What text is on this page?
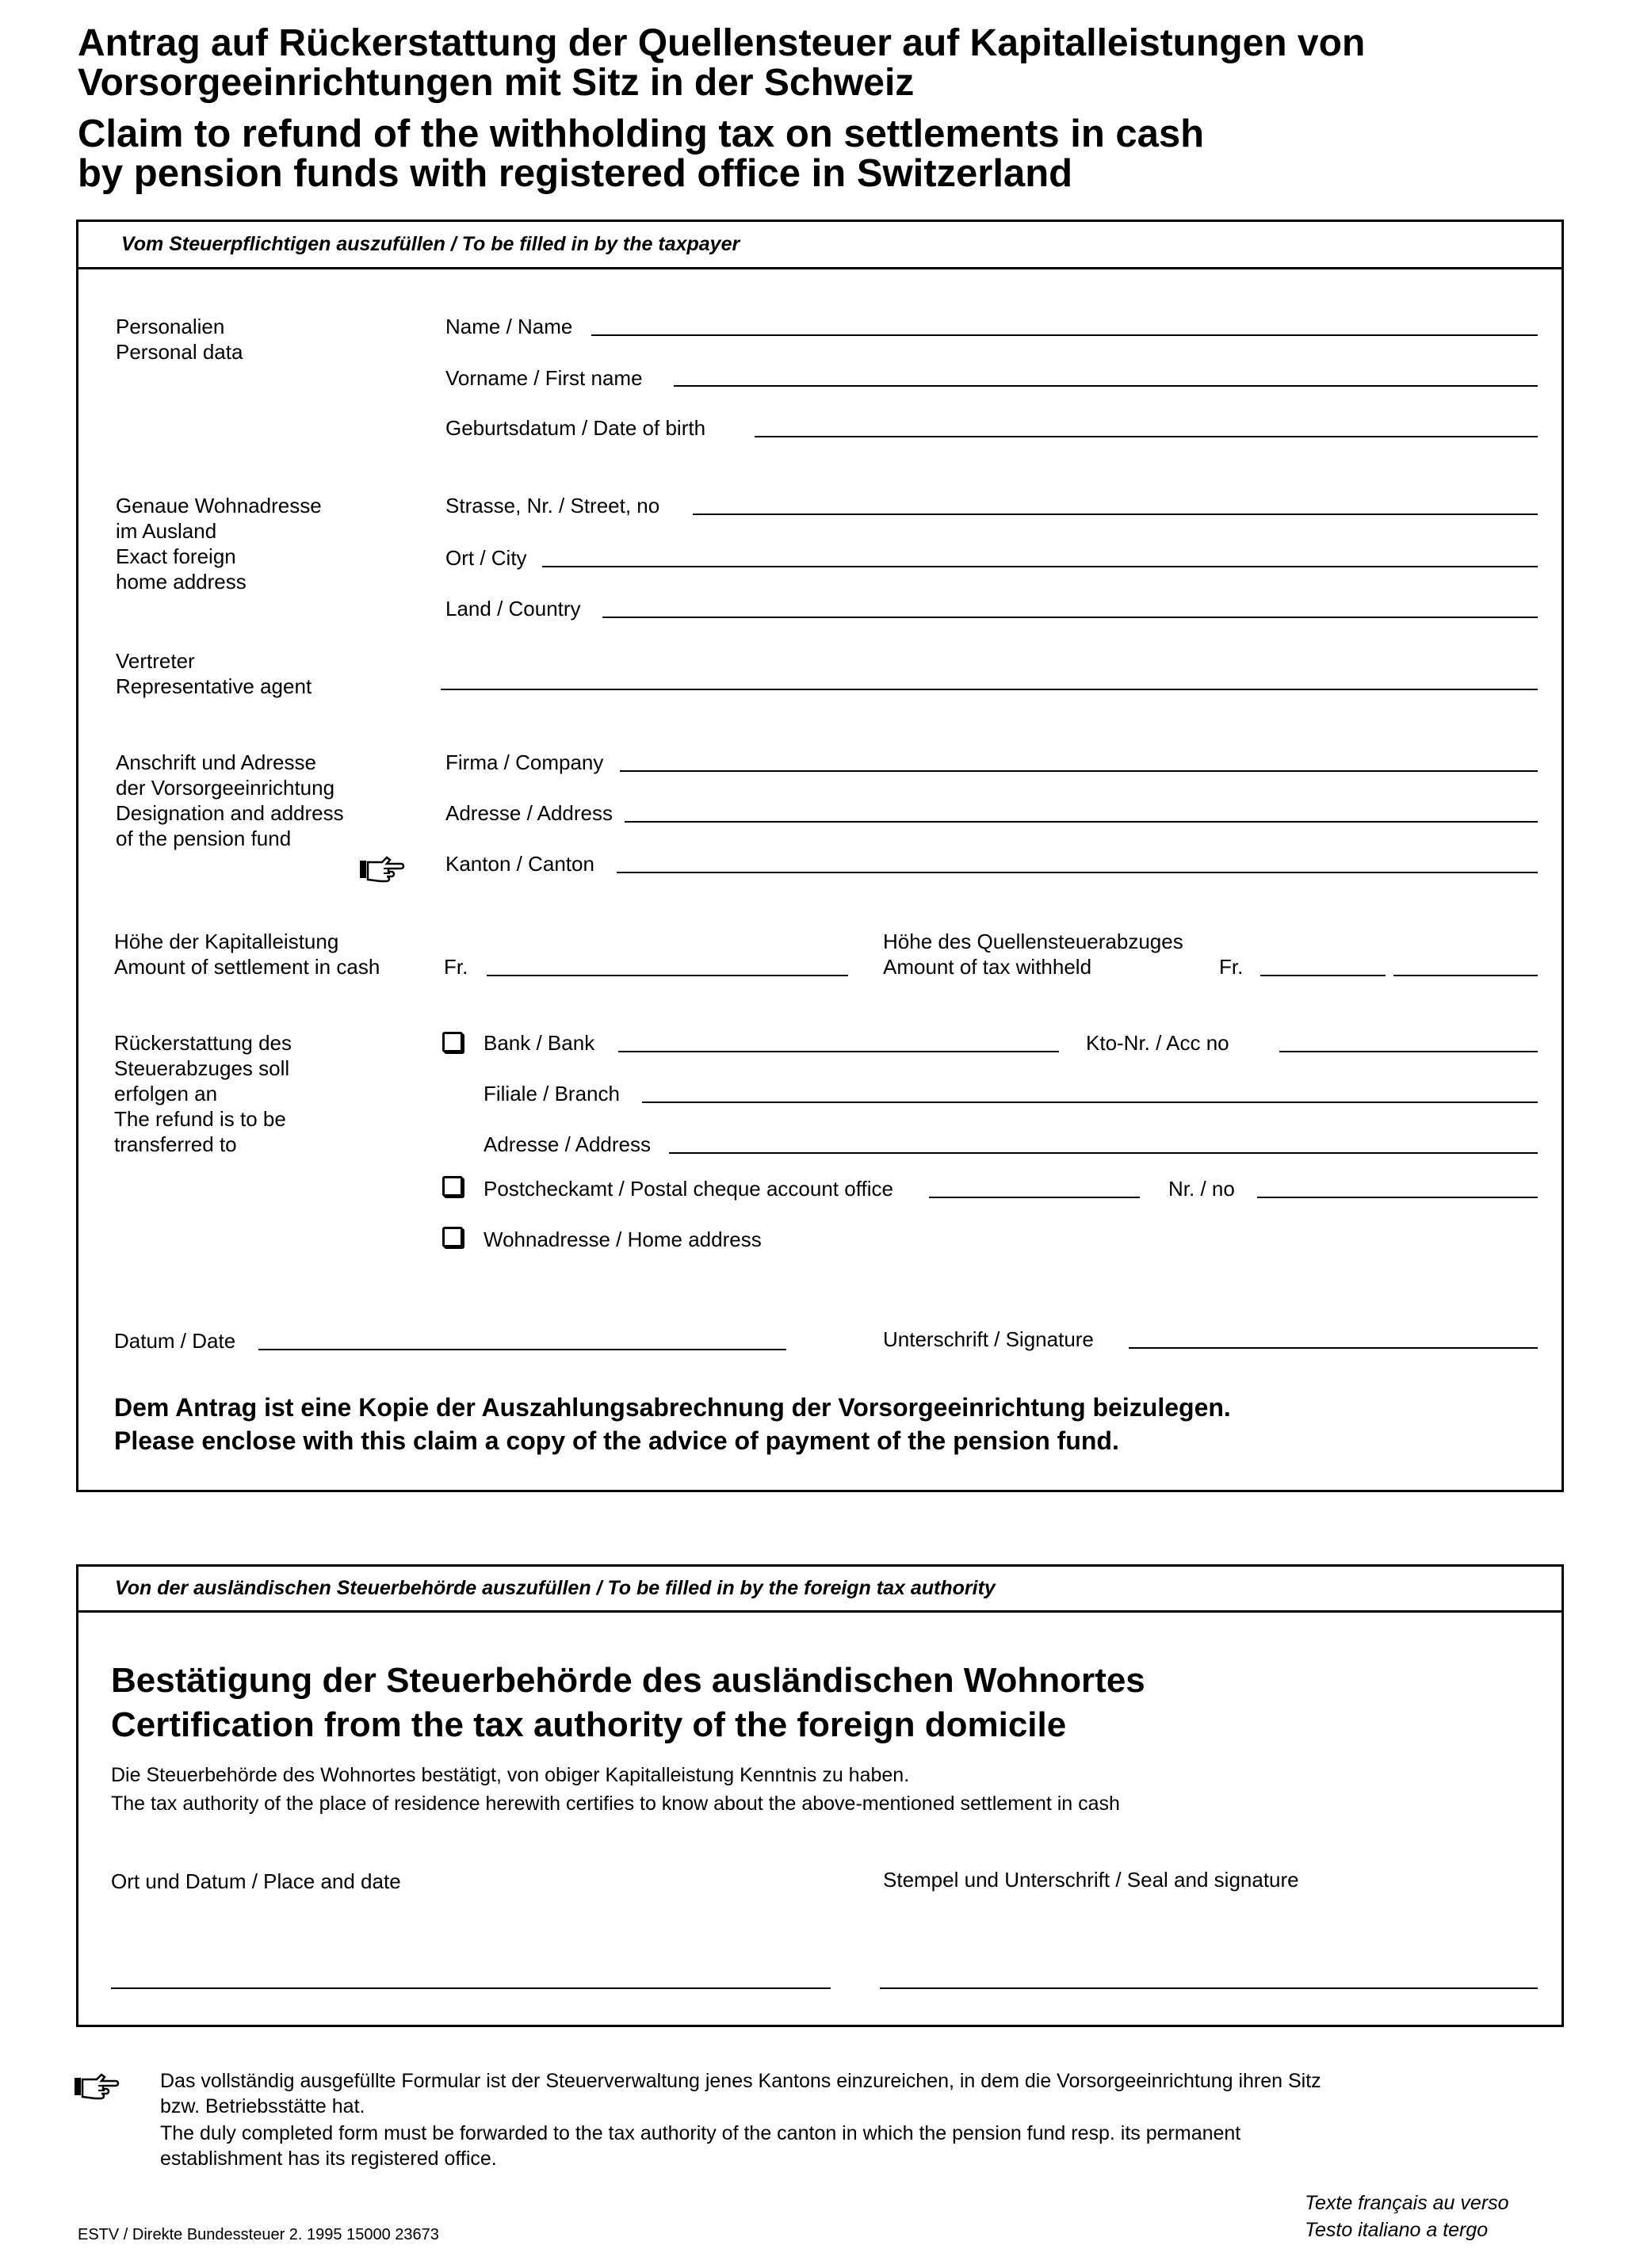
Antrag auf Rückerstattung der Quellensteuer auf Kapitalleistungen von
Vorsorgeeinrichtungen mit Sitz in der Schweiz
Claim to refund of the withholding tax on settlements in cash
by pension funds with registered office in Switzerland
Vom Steuerpflichtigen auszufüllen / To be filled in by the taxpayer
Personalien
Personal data
Name / Name
Vorname / First name
Geburtsdatum / Date of birth
Genaue Wohnadresse
im Ausland
Exact foreign
home address
Strasse, Nr. / Street, no
Ort / City
Land / Country
Vertreter
Representative agent
Anschrift und Adresse
der Vorsorgeeinrichtung
Designation and address
of the pension fund
Firma / Company
Adresse / Address
Kanton / Canton
Höhe der Kapitalleistung
Amount of settlement in cash	Fr.
Höhe des Quellensteuerabzuges
Amount of tax withheld	Fr.
Rückerstattung des
Steuerabzuges soll
erfolgen an
The refund is to be
transferred to
Bank / Bank	Kto-Nr. / Acc no
Filiale / Branch
Adresse / Address
Postcheckamt / Postal cheque account office	Nr. / no
Wohnadresse / Home address
Datum / Date	Unterschrift / Signature
Dem Antrag ist eine Kopie der Auszahlungsabrechnung der Vorsorgeeinrichtung beizulegen.
Please enclose with this claim a copy of the advice of payment of the pension fund.
Von der ausländischen Steuerbehörde auszufüllen / To be filled in by the foreign tax authority
Bestätigung der Steuerbehörde des ausländischen Wohnortes
Certification from the tax authority of the foreign domicile
Die Steuerbehörde des Wohnortes bestätigt, von obiger Kapitalleistung Kenntnis zu haben.
The tax authority of the place of residence herewith certifies to know about the above-mentioned settlement in cash
Ort und Datum / Place and date	Stempel und Unterschrift / Seal and signature
Das vollständig ausgefüllte Formular ist der Steuerverwaltung jenes Kantons einzureichen, in dem die Vorsorgeeinrichtung ihren Sitz
bzw. Betriebsstätte hat.
The duly completed form must be forwarded to the tax authority of the canton in which the pension fund resp. its permanent
establishment has its registered office.
Texte français au verso
Testo italiano a tergo
ESTV / Direkte Bundessteuer 2. 1995 15000 23673
